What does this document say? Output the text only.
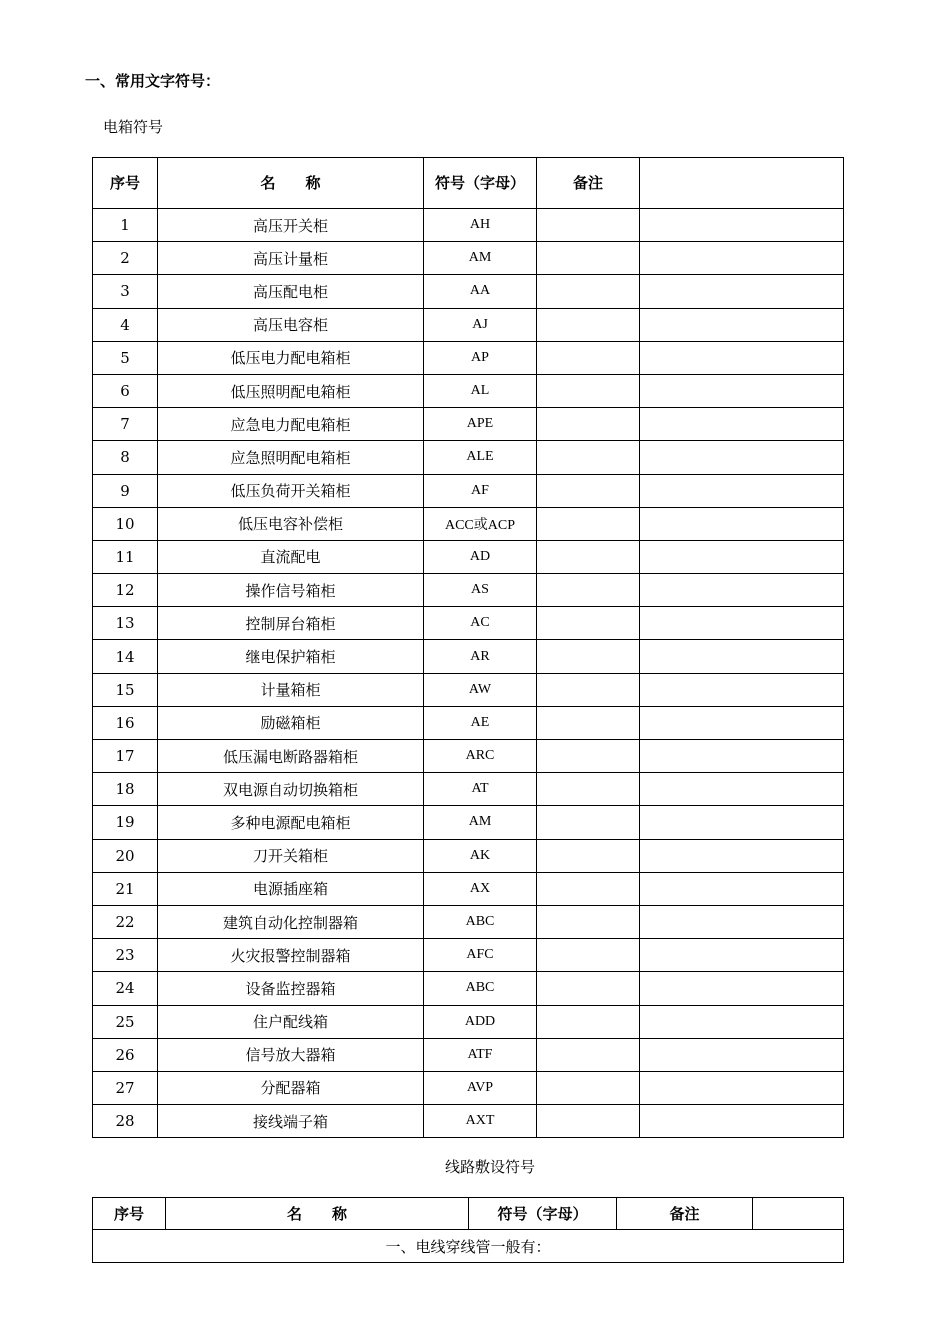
一、常用文字符号：
电箱符号
序号	名　　称	符号（字母）	备注	
1	高压开关柜	AH		
2	高压计量柜	AM		
3	高压配电柜	AA		
4	高压电容柜	AJ		
5	低压电力配电箱柜	AP		
6	低压照明配电箱柜	AL		
7	应急电力配电箱柜	APE		
8	应急照明配电箱柜	ALE		
9	低压负荷开关箱柜	AF		
10	低压电容补偿柜	ACC或ACP		
11	直流配电	AD		
12	操作信号箱柜	AS		
13	控制屏台箱柜	AC		
14	继电保护箱柜	AR		
15	计量箱柜	AW		
16	励磁箱柜	AE		
17	低压漏电断路器箱柜	ARC		
18	双电源自动切换箱柜	AT		
19	多种电源配电箱柜	AM		
20	刀开关箱柜	AK		
21	电源插座箱	AX		
22	建筑自动化控制器箱	ABC		
23	火灾报警控制器箱	AFC		
24	设备监控器箱	ABC		
25	住户配线箱	ADD		
26	信号放大器箱	ATF		
27	分配器箱	AVP		
28	接线端子箱	AXT		
线路敷设符号
序号	名　　称	符号（字母）	备注	
一、电线穿线管一般有：
